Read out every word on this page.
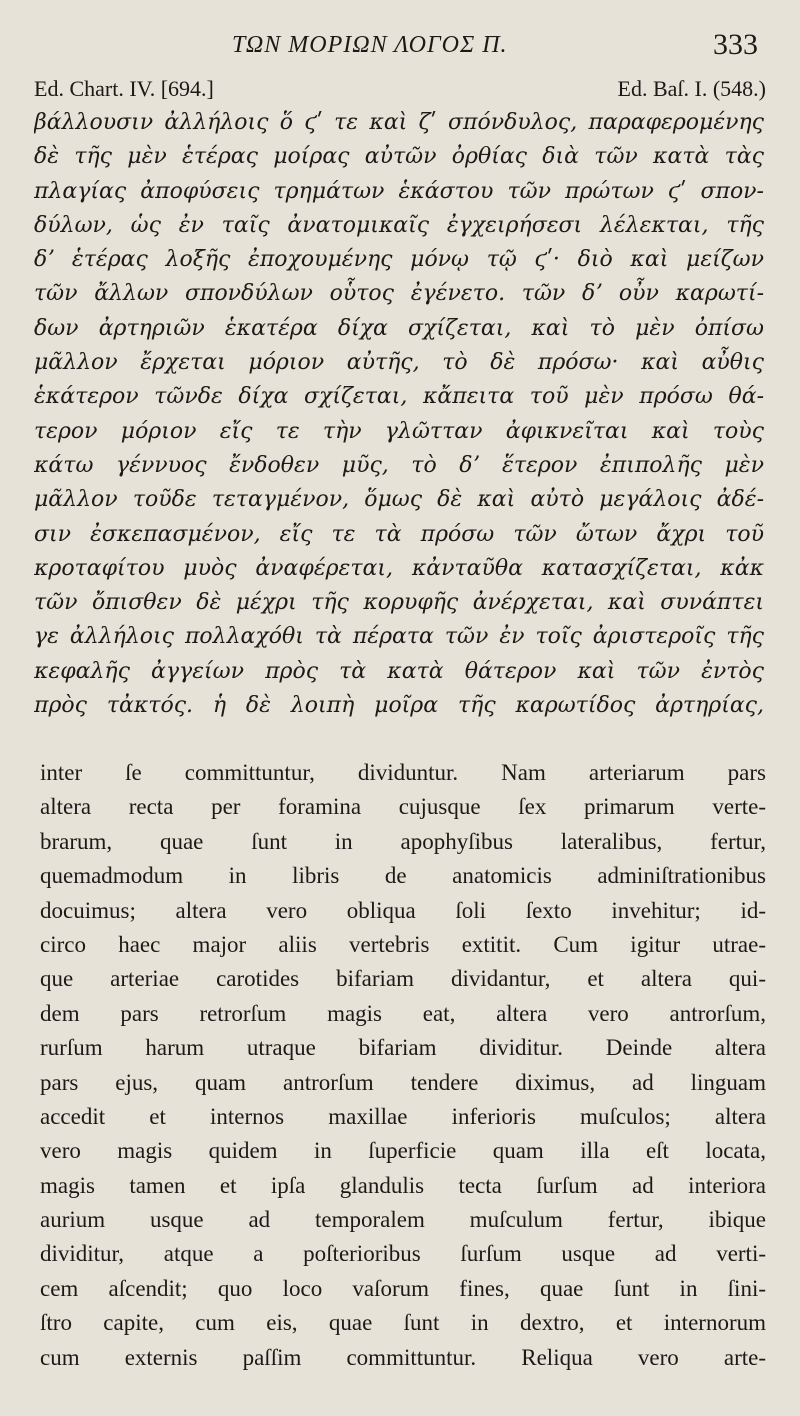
ΤΩΝ ΜΟΡΙΩΝ ΛΟΓΟΣ Π.	333
Ed. Chart. IV. [694.]	Ed. Baſ. I. (548.)
βάλλουσιν ἀλλήλοις ὅ ϛʹ τε καὶ ζʹ σπόνδυλος, παραφερομένης
δὲ τῆς μὲν ἑτέρας μοίρας αὐτῶν ὀρθίας διὰ τῶν κατὰ τὰς
πλαγίας ἀποφύσεις τρημάτων ἑκάστου τῶν πρώτων ϛʹ σπον-
δύλων, ὡς ἐν ταῖς ἀνατομικαῖς ἐγχειρήσεσι λέλεκται, τῆς
δʼ ἑτέρας λοξῆς ἐποχουμένης μόνῳ τῷ ϛʹ· διὸ καὶ μείζων
τῶν ἄλλων σπονδύλων οὗτος ἐγένετο. τῶν δʼ οὖν καρωτί-
δων ἀρτηριῶν ἑκατέρα δίχα σχίζεται, καὶ τὸ μὲν ὀπίσω
μᾶλλον ἔρχεται μόριον αὐτῆς, τὸ δὲ πρόσω· καὶ αὖθις
ἑκάτερον τῶνδε δίχα σχίζεται, κἄπειτα τοῦ μὲν πρόσω θά-
τερον μόριον εἴς τε τὴν γλῶτταν ἀφικνεῖται καὶ τοὺς
κάτω γέννυος ἔνδοθεν μῦς, τὸ δʼ ἕτερον ἐπιπολῆς μὲν
μᾶλλον τοῦδε τεταγμένον, ὅμως δὲ καὶ αὐτὸ μεγάλοις ἀδέ-
σιν ἐσκεπασμένον, εἴς τε τὰ πρόσω τῶν ὤτων ἄχρι τοῦ
κροταφίτου μυὸς ἀναφέρεται, κἀνταῦθα κατασχίζεται, κἀκ
τῶν ὄπισθεν δὲ μέχρι τῆς κορυφῆς ἀνέρχεται, καὶ συνάπτει
γε ἀλλήλοις πολλαχόθι τὰ πέρατα τῶν ἐν τοῖς ἀριστεροῖς τῆς
κεφαλῆς ἀγγείων πρὸς τὰ κατὰ θάτερον καὶ τῶν ἐντὸς
πρὸς τἀκτός. ἡ δὲ λοιπὴ μοῖρα τῆς καρωτίδος ἀρτηρίας,
inter ſe committuntur, dividuntur. Nam arteriarum pars
altera recta per foramina cujusque ſex primarum verte-
brarum, quae ſunt in apophyſibus lateralibus, fertur,
quemadmodum in libris de anatomicis adminiſtrationibus
docuimus; altera vero obliqua ſoli ſexto invehitur; id-
circo haec major aliis vertebris extitit. Cum igitur utrae-
que arteriae carotides bifariam dividantur, et altera qui-
dem pars retrorſum magis eat, altera vero antrorſum,
rurſum harum utraque bifariam dividitur. Deinde altera
pars ejus, quam antrorſum tendere diximus, ad linguam
accedit et internos maxillae inferioris muſculos; altera
vero magis quidem in ſuperficie quam illa eſt locata,
magis tamen et ipſa glandulis tecta ſurſum ad interiora
aurium usque ad temporalem muſculum fertur, ibique
dividitur, atque a poſterioribus ſurſum usque ad verti-
cem aſcendit; quo loco vaſorum fines, quae ſunt in ſini-
ſtro capite, cum eis, quae ſunt in dextro, et internorum
cum externis paſſim committuntur. Reliqua vero arte-
